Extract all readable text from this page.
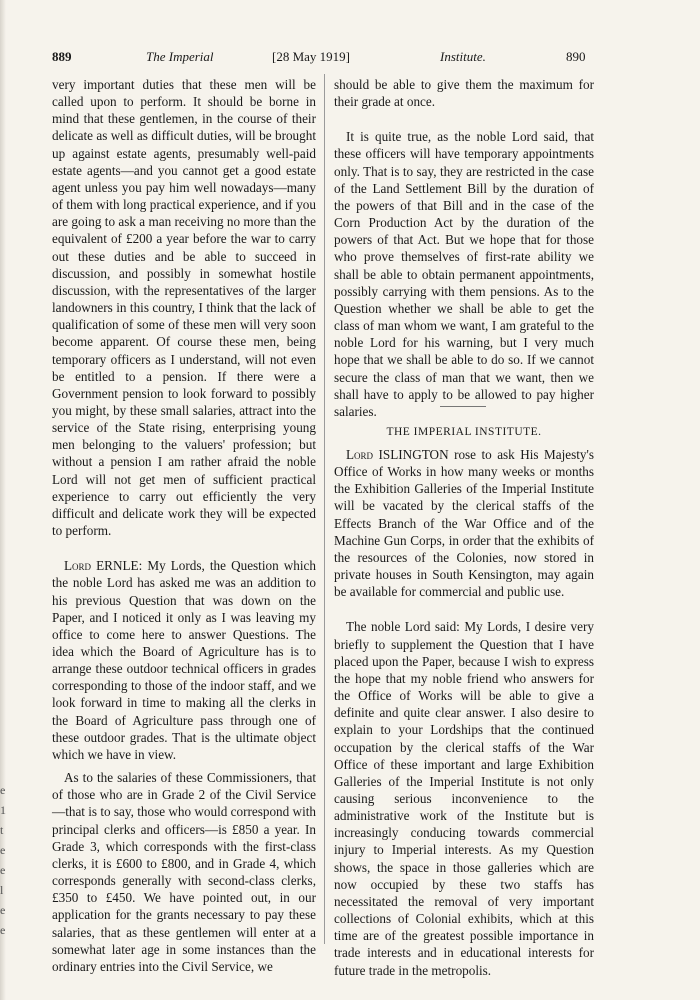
889	The Imperial	[28 May 1919]	Institute.	890

very important duties that these men will be called upon to perform. It should be borne in mind that these gentlemen, in the course of their delicate as well as difficult duties, will be brought up against estate agents, presumably well-paid estate agents—and you cannot get a good estate agent unless you pay him well nowadays—many of them with long practical experience, and if you are going to ask a man receiving no more than the equivalent of £200 a year before the war to carry out these duties and be able to succeed in discussion, and possibly in somewhat hostile discussion, with the representatives of the larger landowners in this country, I think that the lack of qualification of some of these men will very soon become apparent. Of course these men, being temporary officers as I understand, will not even be entitled to a pension. If there were a Government pension to look forward to possibly you might, by these small salaries, attract into the service of the State rising, enterprising young men belonging to the valuers' profession; but without a pension I am rather afraid the noble Lord will not get men of sufficient practical experience to carry out efficiently the very difficult and delicate work they will be expected to perform.

Lord ERNLE: My Lords, the Question which the noble Lord has asked me was an addition to his previous Question that was down on the Paper, and I noticed it only as I was leaving my office to come here to answer Questions. The idea which the Board of Agriculture has is to arrange these outdoor technical officers in grades corresponding to those of the indoor staff, and we look forward in time to making all the clerks in the Board of Agriculture pass through one of these outdoor grades. That is the ultimate object which we have in view.

As to the salaries of these Commissioners, that of those who are in Grade 2 of the Civil Service—that is to say, those who would correspond with principal clerks and officers—is £850 a year. In Grade 3, which corresponds with the first-class clerks, it is £600 to £800, and in Grade 4, which corresponds generally with second-class clerks, £350 to £450. We have pointed out, in our application for the grants necessary to pay these salaries, that as these gentlemen will enter at a somewhat later age in some instances than the ordinary entries into the Civil Service, we

should be able to give them the maximum for their grade at once.

It is quite true, as the noble Lord said, that these officers will have temporary appointments only. That is to say, they are restricted in the case of the Land Settlement Bill by the duration of the powers of that Bill and in the case of the Corn Production Act by the duration of the powers of that Act. But we hope that for those who prove themselves of first-rate ability we shall be able to obtain permanent appointments, possibly carrying with them pensions. As to the Question whether we shall be able to get the class of man whom we want, I am grateful to the noble Lord for his warning, but I very much hope that we shall be able to do so. If we cannot secure the class of man that we want, then we shall have to apply to be allowed to pay higher salaries.

THE IMPERIAL INSTITUTE.

Lord ISLINGTON rose to ask His Majesty's Office of Works in how many weeks or months the Exhibition Galleries of the Imperial Institute will be vacated by the clerical staffs of the Effects Branch of the War Office and of the Machine Gun Corps, in order that the exhibits of the resources of the Colonies, now stored in private houses in South Kensington, may again be available for commercial and public use.

The noble Lord said: My Lords, I desire very briefly to supplement the Question that I have placed upon the Paper, because I wish to express the hope that my noble friend who answers for the Office of Works will be able to give a definite and quite clear answer. I also desire to explain to your Lordships that the continued occupation by the clerical staffs of the War Office of these important and large Exhibition Galleries of the Imperial Institute is not only causing serious inconvenience to the administrative work of the Institute but is increasingly conducing towards commercial injury to Imperial interests. As my Question shows, the space in those galleries which are now occupied by these two staffs has necessitated the removal of very important collections of Colonial exhibits, which at this time are of the greatest possible importance in trade interests and in educational interests for future trade in the metropolis.

e 1 t e e l e e
